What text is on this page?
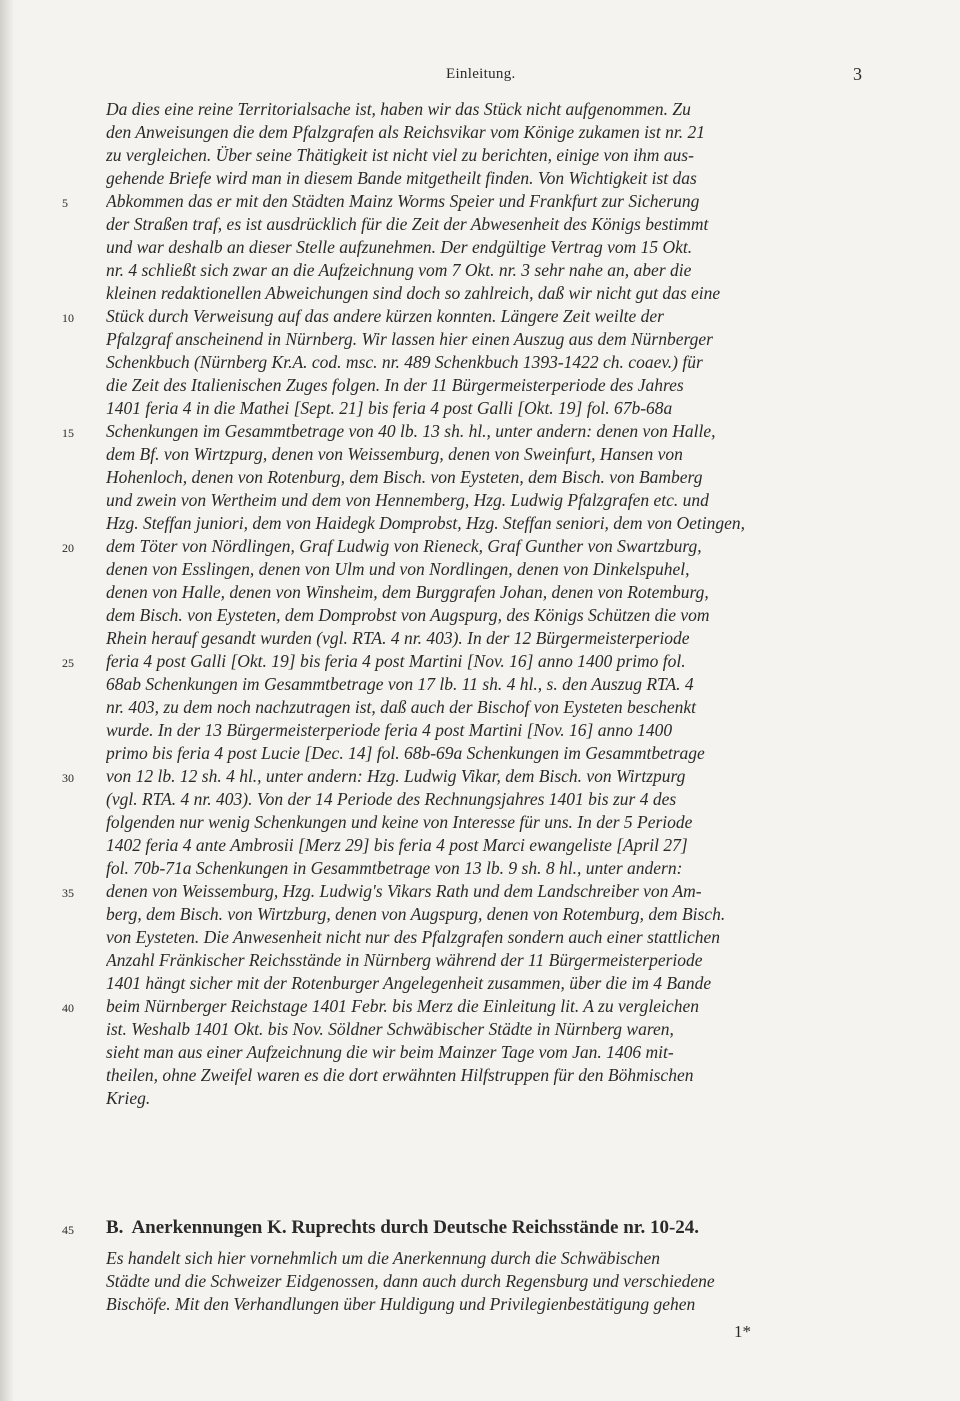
Einleitung.	3
Da dies eine reine Territorialsache ist, haben wir das Stück nicht aufgenommen. Zu
den Anweisungen die dem Pfalzgrafen als Reichsvikar vom Könige zukamen ist nr. 21
zu vergleichen. Über seine Thätigkeit ist nicht viel zu berichten, einige von ihm aus-
gehende Briefe wird man in diesem Bande mitgetheilt finden. Von Wichtigkeit ist das
Abkommen das er mit den Städten Mainz Worms Speier und Frankfurt zur Sicherung
der Straßen traf, es ist ausdrücklich für die Zeit der Abwesenheit des Königs bestimmt
und war deshalb an dieser Stelle aufzunehmen. Der endgültige Vertrag vom 15 Okt.
nr. 4 schließt sich zwar an die Aufzeichnung vom 7 Okt. nr. 3 sehr nahe an, aber die
kleinen redaktionellen Abweichungen sind doch so zahlreich, daß wir nicht gut das eine
Stück durch Verweisung auf das andere kürzen konnten. Längere Zeit weilte der
Pfalzgraf anscheinend in Nürnberg. Wir lassen hier einen Auszug aus dem Nürnberger
Schenkbuch (Nürnberg Kr.A. cod. msc. nr. 489 Schenkbuch 1393-1422 ch. coaev.) für
die Zeit des Italienischen Zuges folgen. In der 11 Bürgermeisterperiode des Jahres
1401 feria 4 in die Mathei [Sept. 21] bis feria 4 post Galli [Okt. 19] fol. 67b-68a
Schenkungen im Gesammtbetrage von 40 lb. 13 sh. hl., unter andern: denen von Halle,
dem Bf. von Wirtzpurg, denen von Weissemburg, denen von Sweinfurt, Hansen von
Hohenloch, denen von Rotenburg, dem Bisch. von Eysteten, dem Bisch. von Bamberg
und zwein von Wertheim und dem von Hennemberg, Hzg. Ludwig Pfalzgrafen etc. und
Hzg. Steffan juniori, dem von Haidegk Domprobst, Hzg. Steffan seniori, dem von Oetingen,
dem Töter von Nördlingen, Graf Ludwig von Rieneck, Graf Gunther von Swartzburg,
denen von Esslingen, denen von Ulm und von Nordlingen, denen von Dinkelspuhel,
denen von Halle, denen von Winsheim, dem Burggrafen Johan, denen von Rotemburg,
dem Bisch. von Eysteten, dem Domprobst von Augspurg, des Königs Schützen die vom
Rhein herauf gesandt wurden (vgl. RTA. 4 nr. 403). In der 12 Bürgermeisterperiode
feria 4 post Galli [Okt. 19] bis feria 4 post Martini [Nov. 16] anno 1400 primo fol.
68ab Schenkungen im Gesammtbetrage von 17 lb. 11 sh. 4 hl., s. den Auszug RTA. 4
nr. 403, zu dem noch nachzutragen ist, daß auch der Bischof von Eysteten beschenkt
wurde. In der 13 Bürgermeisterperiode feria 4 post Martini [Nov. 16] anno 1400
primo bis feria 4 post Lucie [Dec. 14] fol. 68b-69a Schenkungen im Gesammtbetrage
von 12 lb. 12 sh. 4 hl., unter andern: Hzg. Ludwig Vikar, dem Bisch. von Wirtzpurg
(vgl. RTA. 4 nr. 403). Von der 14 Periode des Rechnungsjahres 1401 bis zur 4 des
folgenden nur wenig Schenkungen und keine von Interesse für uns. In der 5 Periode
1402 feria 4 ante Ambrosii [Merz 29] bis feria 4 post Marci ewangeliste [April 27]
fol. 70b-71a Schenkungen in Gesammtbetrage von 13 lb. 9 sh. 8 hl., unter andern:
denen von Weissemburg, Hzg. Ludwig's Vikars Rath und dem Landschreiber von Am-
berg, dem Bisch. von Wirtzburg, denen von Augspurg, denen von Rotemburg, dem Bisch.
von Eysteten. Die Anwesenheit nicht nur des Pfalzgrafen sondern auch einer stattlichen
Anzahl Fränkischer Reichsstände in Nürnberg während der 11 Bürgermeisterperiode
1401 hängt sicher mit der Rotenburger Angelegenheit zusammen, über die im 4 Bande
beim Nürnberger Reichstage 1401 Febr. bis Merz die Einleitung lit. A zu vergleichen
ist. Weshalb 1401 Okt. bis Nov. Söldner Schwäbischer Städte in Nürnberg waren,
sieht man aus einer Aufzeichnung die wir beim Mainzer Tage vom Jan. 1406 mit-
theilen, ohne Zweifel waren es die dort erwähnten Hilfstruppen für den Böhmischen
Krieg.
5
10
15
20
25
30
35
40
45	B. Anerkennungen K. Ruprechts durch Deutsche Reichsstände nr. 10-24.
Es handelt sich hier vornehmlich um die Anerkennung durch die Schwäbischen
Städte und die Schweizer Eidgenossen, dann auch durch Regensburg und verschiedene
Bischöfe. Mit den Verhandlungen über Huldigung und Privilegienbestätigung gehen
1*
